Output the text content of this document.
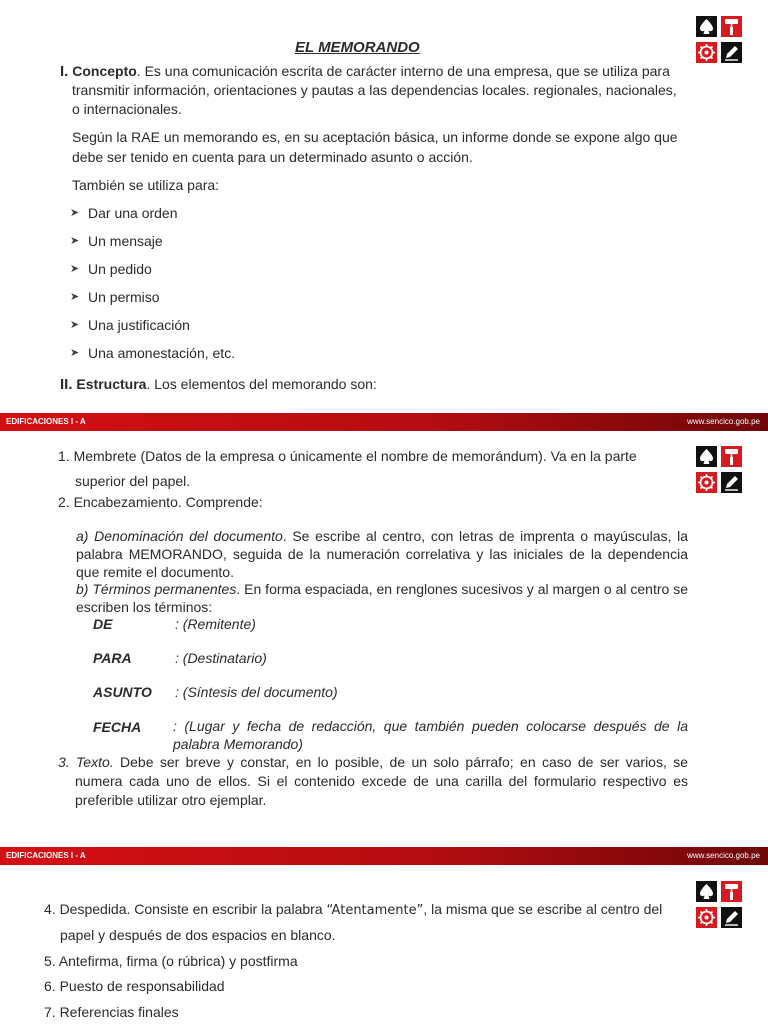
EL MEMORANDO
I. Concepto. Es una comunicación escrita de carácter interno de una empresa, que se utiliza para
transmitir información, orientaciones y pautas a las dependencias locales. regionales, nacionales,
o internacionales.
Según la RAE un memorando es, en su aceptación básica, un informe donde se expone algo que
debe ser tenido en cuenta para un determinado asunto o acción.
También se utiliza para:
➤ Dar una orden
➤ Un mensaje
➤ Un pedido
➤ Un permiso
➤ Una justificación
➤ Una amonestación, etc.
II. Estructura. Los elementos del memorando son:
EDIFICACIONES I - A	www.sencico.gob.pe
1. Membrete (Datos de la empresa o únicamente el nombre de memorándum). Va en la parte
superior del papel.
2. Encabezamiento. Comprende:
a) Denominación del documento. Se escribe al centro, con letras de imprenta o mayúsculas, la palabra MEMORANDO, seguida de la numeración correlativa y las iniciales de la dependencia que remite el documento.
b) Términos permanentes. En forma espaciada, en renglones sucesivos y al margen o al centro se escriben los términos:
DE	: (Remitente)
PARA	: (Destinatario)
ASUNTO : (Síntesis del documento)
FECHA : (Lugar y fecha de redacción, que también pueden colocarse después de la palabra Memorando)
3. Texto. Debe ser breve y constar, en lo posible, de un solo párrafo; en caso de ser varios, se numera cada uno de ellos. Si el contenido excede de una carilla del formulario respectivo es preferible utilizar otro ejemplar.
EDIFICACIONES I - A	www.sencico.gob.pe
4. Despedida. Consiste en escribir la palabra “Atentamente”, la misma que se escribe al centro del
papel y después de dos espacios en blanco.
5. Antefirma, firma (o rúbrica) y postfirma
6. Puesto de responsabilidad
7. Referencias finales
